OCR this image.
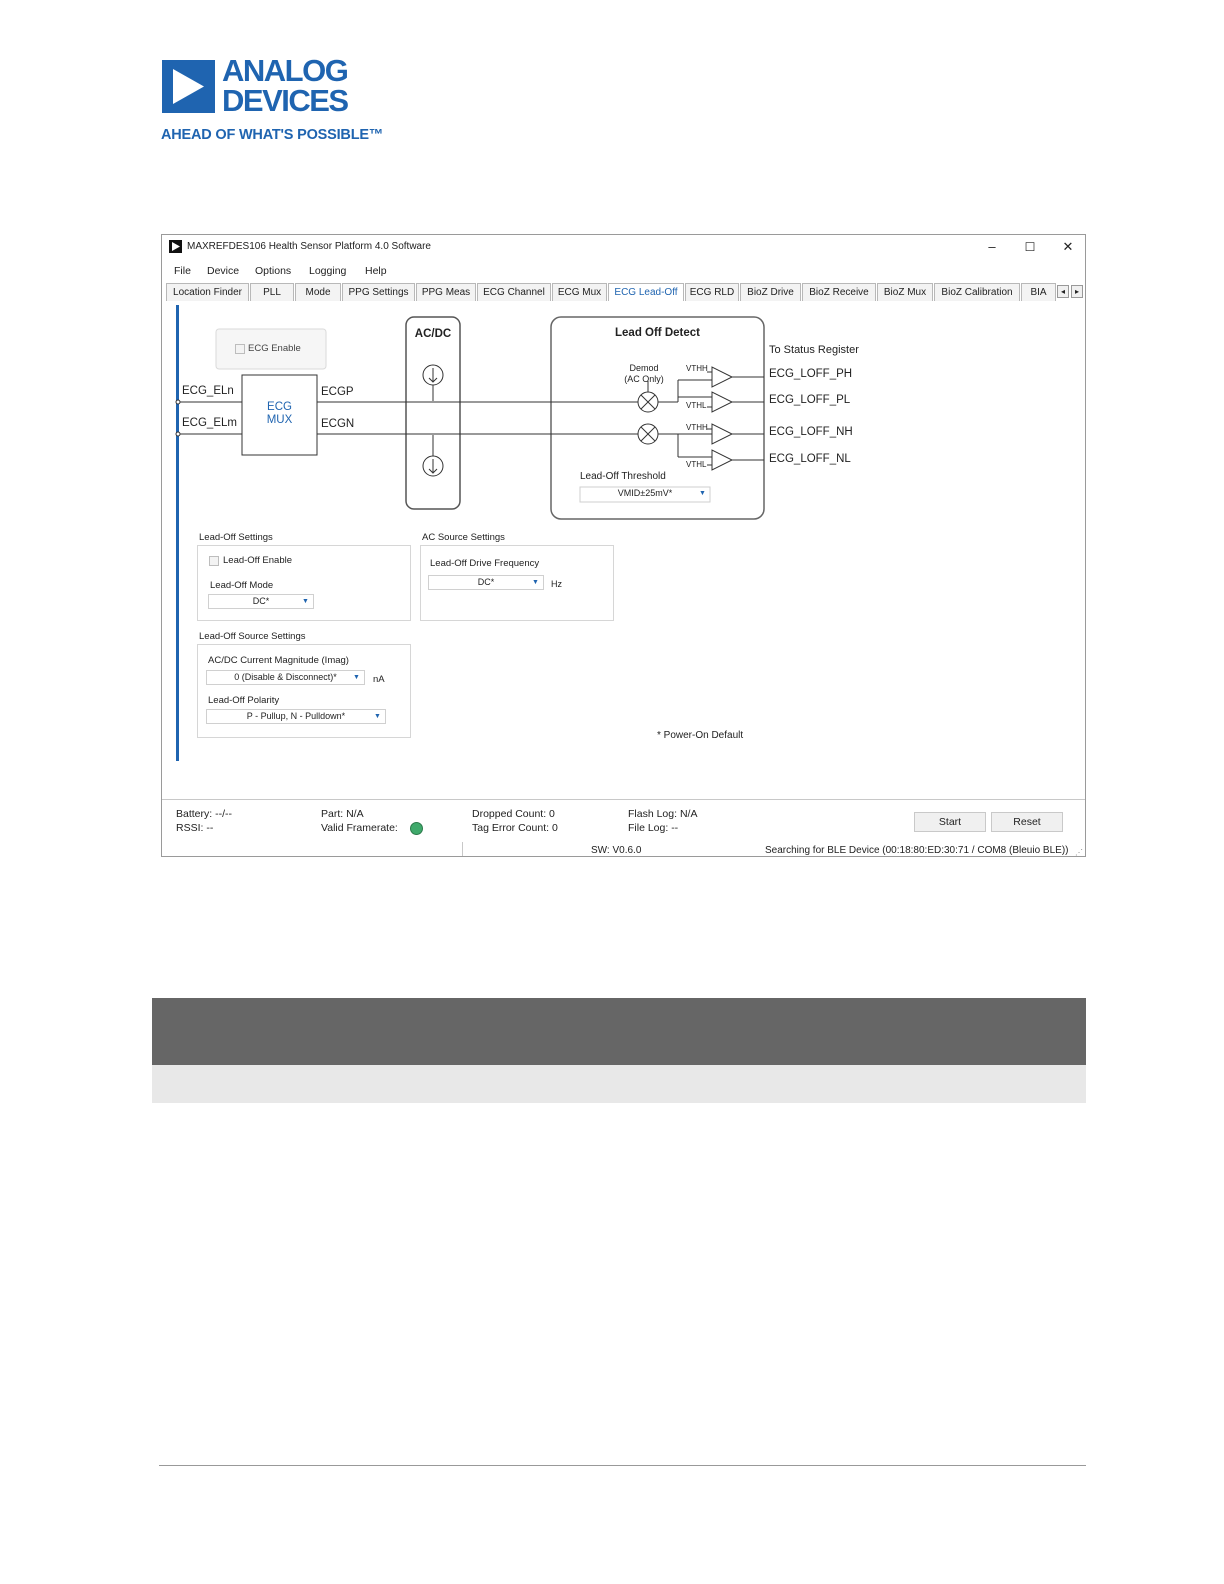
ANALOG
DEVICES
AHEAD OF WHAT'S POSSIBLE™
MAXREFDES106 Health Sensor Platform 4.0 Software	–	☐	✕
File Device Options Logging Help
Location Finder	PLL	Mode	PPG Settings	PPG Meas	ECG Channel	ECG Mux	ECG Lead-Off	ECG RLD	BioZ Drive	BioZ Receive	BioZ Mux	BioZ Calibration	BIA	◂	▸
ECG Enable
ECG_ELn
ECG_ELm
ECG
MUX
ECGP
ECGN
AC/DC	Lead Off Detect
Demod
(AC Only)
VTHH
VTHL
VTHH
VTHL
Lead-Off Threshold
VMID±25mV*	▼
To Status Register
ECG_LOFF_PH
ECG_LOFF_PL
ECG_LOFF_NH
ECG_LOFF_NL
Lead-Off Settings
Lead-Off Enable
Lead-Off Mode
DC*	▼
AC Source Settings
Lead-Off Drive Frequency
DC*	▼	Hz
Lead-Off Source Settings
AC/DC Current Magnitude (Imag)
0 (Disable & Disconnect)*	▼	nA
Lead-Off Polarity
P - Pullup, N - Pulldown*	▼
* Power-On Default
Battery: --/--
RSSI: --
Part: N/A
Valid Framerate:
Dropped Count: 0
Tag Error Count: 0
Flash Log: N/A
File Log: --	Start	Reset
SW: V0.6.0	Searching for BLE Device (00:18:80:ED:30:71 / COM8 (Bleuio BLE)) ⋰
